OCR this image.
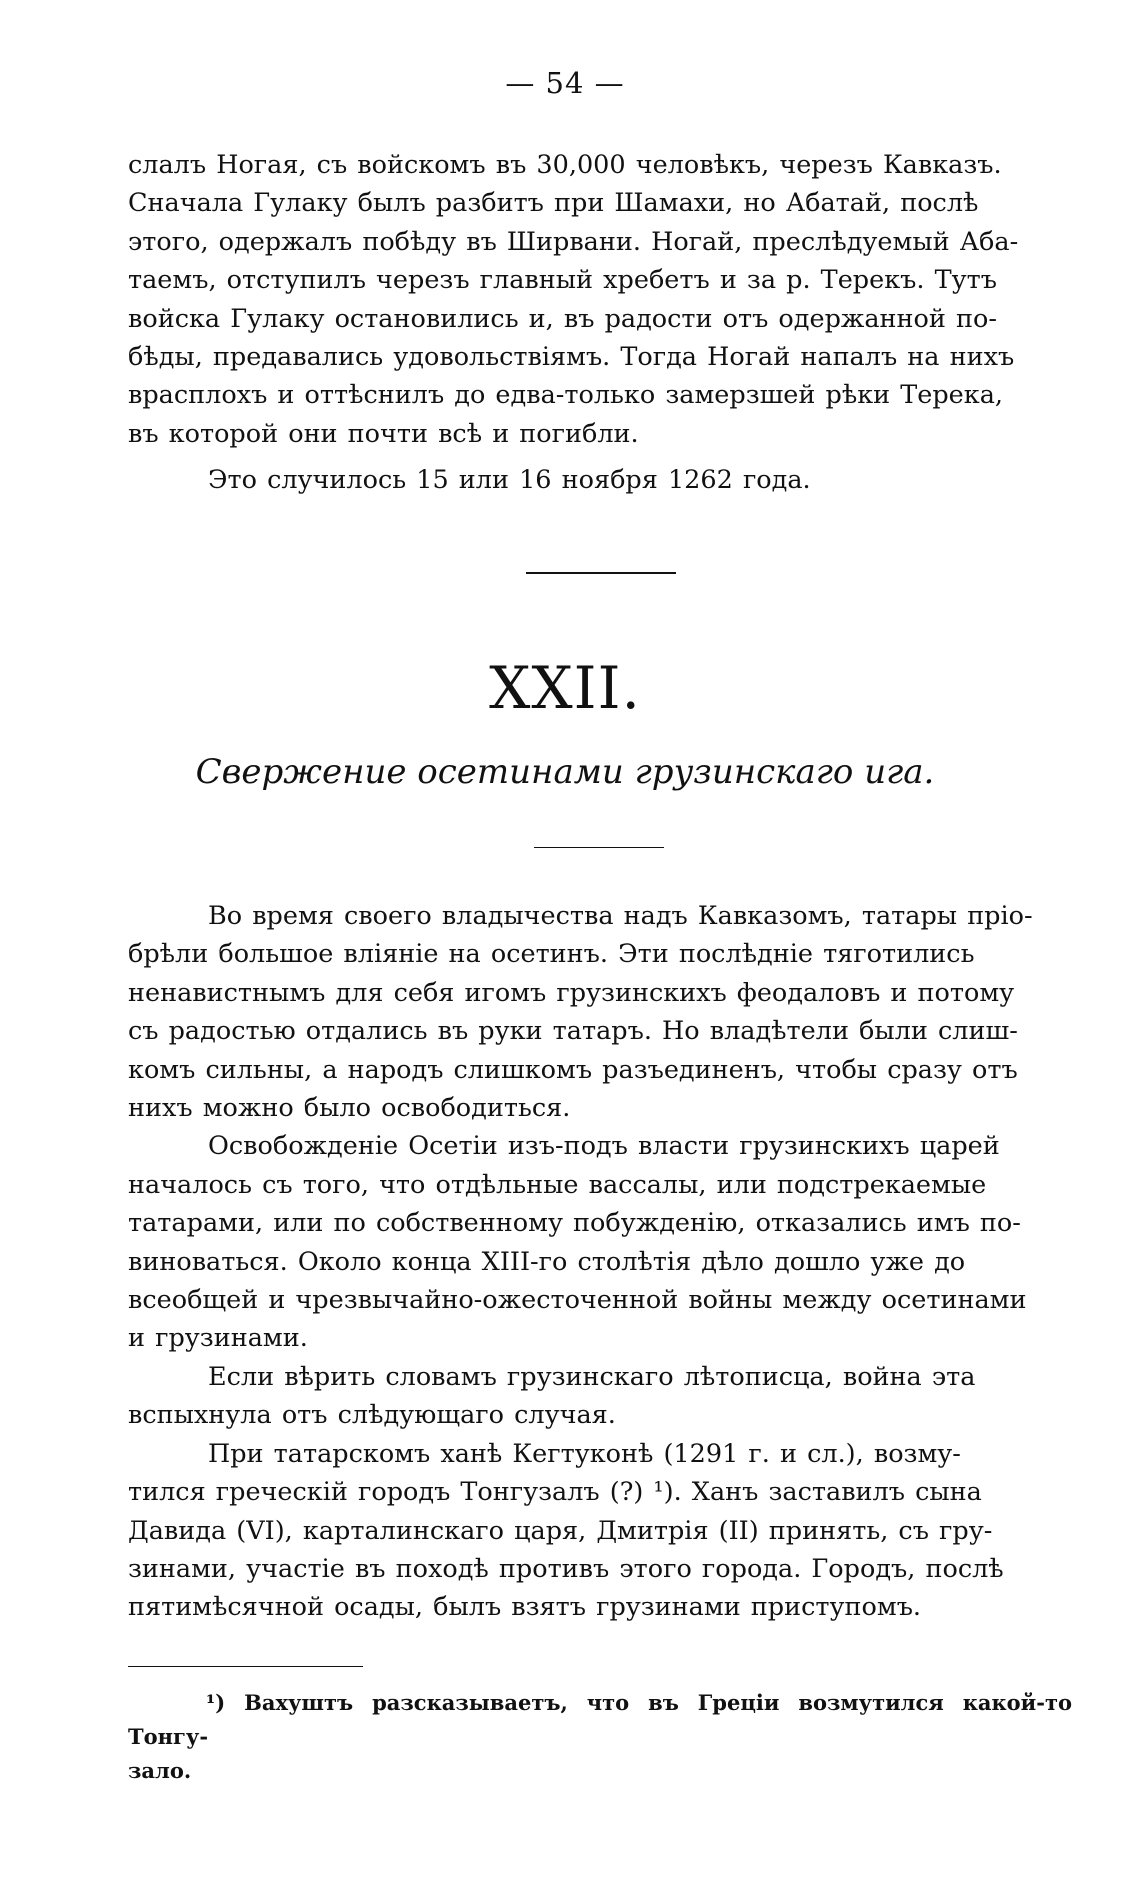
— 54 —

слалъ Ногая, съ войскомъ въ 30,000 человѣкъ, черезъ Кавказъ.

Сначала Гулаку былъ разбитъ при Шамахи, но Абатай, послѣ

этого, одержалъ побѣду въ Ширвани. Ногай, преслѣдуемый Аба-

таемъ, отступилъ черезъ главный хребетъ и за р. Терекъ. Тутъ

войска Гулаку остановились и, въ радости отъ одержанной по-

бѣды, предавались удовольствіямъ. Тогда Ногай напалъ на нихъ

врасплохъ и оттѣснилъ до едва-только замерзшей рѣки Терека,

въ которой они почти всѣ и погибли.

Это случилось 15 или 16 ноября 1262 года.

XXII.
Свержение осетинами грузинскаго ига.

Во время своего владычества надъ Кавказомъ, татары прiо-

брѣли большое влiянiе на осетинъ. Эти послѣднiе тяготились

ненавистнымъ для себя игомъ грузинскихъ феодаловъ и потому

съ радостью отдались въ руки татаръ. Но владѣтели были слиш-

комъ сильны, а народъ слишкомъ разъединенъ, чтобы сразу отъ

нихъ можно было освободиться.

Освобожденiе Осетiи изъ-подъ власти грузинскихъ царей

началось съ того, что отдѣльные вассалы, или подстрекаемые

татарами, или по собственному побужденiю, отказались имъ по-

виноваться. Около конца XIII-го столѣтiя дѣло дошло уже до

всеобщей и чрезвычайно-ожесточенной войны между осетинами

и грузинами.

Если вѣрить словамъ грузинскаго лѣтописца, война эта

вспыхнула отъ слѣдующаго случая.

При татарскомъ ханѣ Кегтуконѣ (1291 г. и сл.), возму-

тился греческiй городъ Тонгузалъ (?) ¹). Ханъ заставилъ сына

Давида (VI), карталинскаго царя, Дмитрiя (II) принять, съ гру-

зинами, участiе въ походѣ противъ этого города. Городъ, послѣ

пятимѣсячной осады, былъ взятъ грузинами приступомъ.

¹) Вахуштъ разсказываетъ, что въ Грецiи возмутился какой-то Тонгу-

зало.
